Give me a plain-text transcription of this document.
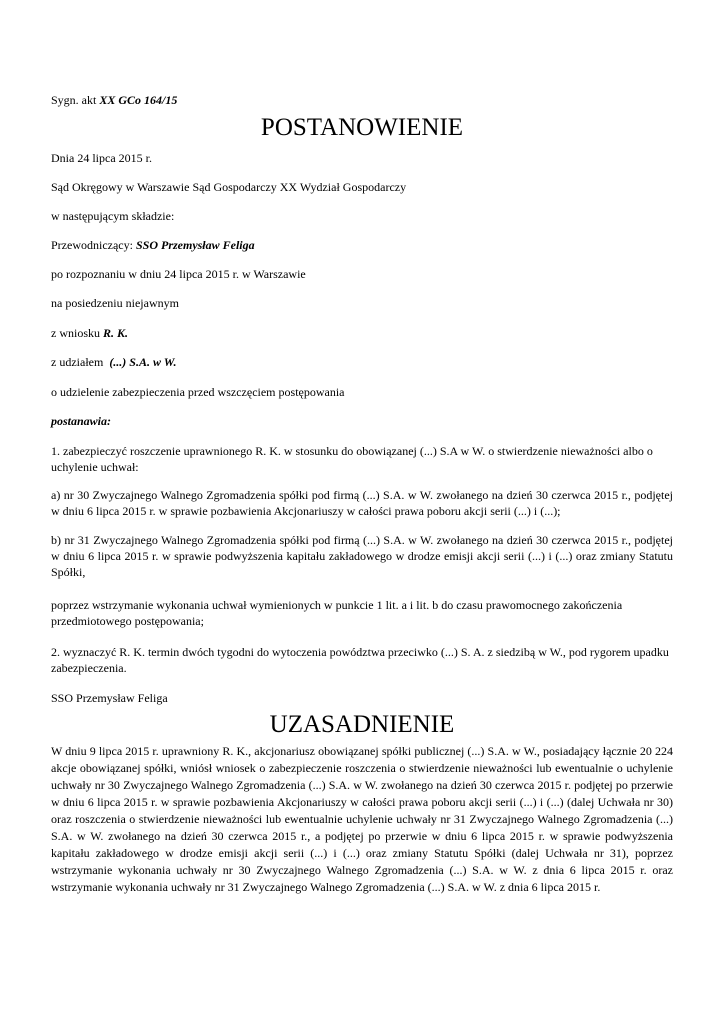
Sygn. akt XX GCo 164/15

POSTANOWIENIE

Dnia 24 lipca 2015 r.

Sąd Okręgowy w Warszawie Sąd Gospodarczy XX Wydział Gospodarczy

w następującym składzie:

Przewodniczący: SSO Przemysław Feliga

po rozpoznaniu w dniu 24 lipca 2015 r. w Warszawie

na posiedzeniu niejawnym

z wniosku R. K.

z udziałem (...) S.A. w W.

o udzielenie zabezpieczenia przed wszczęciem postępowania

postanawia:

1. zabezpieczyć roszczenie uprawnionego R. K. w stosunku do obowiązanej (...) S.A w W. o stwierdzenie nieważności albo o uchylenie uchwał:

a) nr 30 Zwyczajnego Walnego Zgromadzenia spółki pod firmą (...) S.A. w W. zwołanego na dzień 30 czerwca 2015 r., podjętej w dniu 6 lipca 2015 r. w sprawie pozbawienia Akcjonariuszy w całości prawa poboru akcji serii (...) i (...);

b) nr 31 Zwyczajnego Walnego Zgromadzenia spółki pod firmą (...) S.A. w W. zwołanego na dzień 30 czerwca 2015 r., podjętej w dniu 6 lipca 2015 r. w sprawie podwyższenia kapitału zakładowego w drodze emisji akcji serii (...) i (...) oraz zmiany Statutu Spółki,

poprzez wstrzymanie wykonania uchwał wymienionych w punkcie 1 lit. a i lit. b do czasu prawomocnego zakończenia przedmiotowego postępowania;

2. wyznaczyć R. K. termin dwóch tygodni do wytoczenia powództwa przeciwko (...) S. A. z siedzibą w W., pod rygorem upadku zabezpieczenia.

SSO Przemysław Feliga

UZASADNIENIE

W dniu 9 lipca 2015 r. uprawniony R. K., akcjonariusz obowiązanej spółki publicznej (...) S.A. w W., posiadający łącznie 20 224 akcje obowiązanej spółki, wniósł wniosek o zabezpieczenie roszczenia o stwierdzenie nieważności lub ewentualnie o uchylenie uchwały nr 30 Zwyczajnego Walnego Zgromadzenia (...) S.A. w W. zwołanego na dzień 30 czerwca 2015 r. podjętej po przerwie w dniu 6 lipca 2015 r. w sprawie pozbawienia Akcjonariuszy w całości prawa poboru akcji serii (...) i (...) (dalej Uchwała nr 30) oraz roszczenia o stwierdzenie nieważności lub ewentualnie uchylenie uchwały nr 31 Zwyczajnego Walnego Zgromadzenia (...) S.A. w W. zwołanego na dzień 30 czerwca 2015 r., a podjętej po przerwie w dniu 6 lipca 2015 r. w sprawie podwyższenia kapitału zakładowego w drodze emisji akcji serii (...) i (...) oraz zmiany Statutu Spółki (dalej Uchwała nr 31), poprzez wstrzymanie wykonania uchwały nr 30 Zwyczajnego Walnego Zgromadzenia (...) S.A. w W. z dnia 6 lipca 2015 r. oraz wstrzymanie wykonania uchwały nr 31 Zwyczajnego Walnego Zgromadzenia (...) S.A. w W. z dnia 6 lipca 2015 r.
